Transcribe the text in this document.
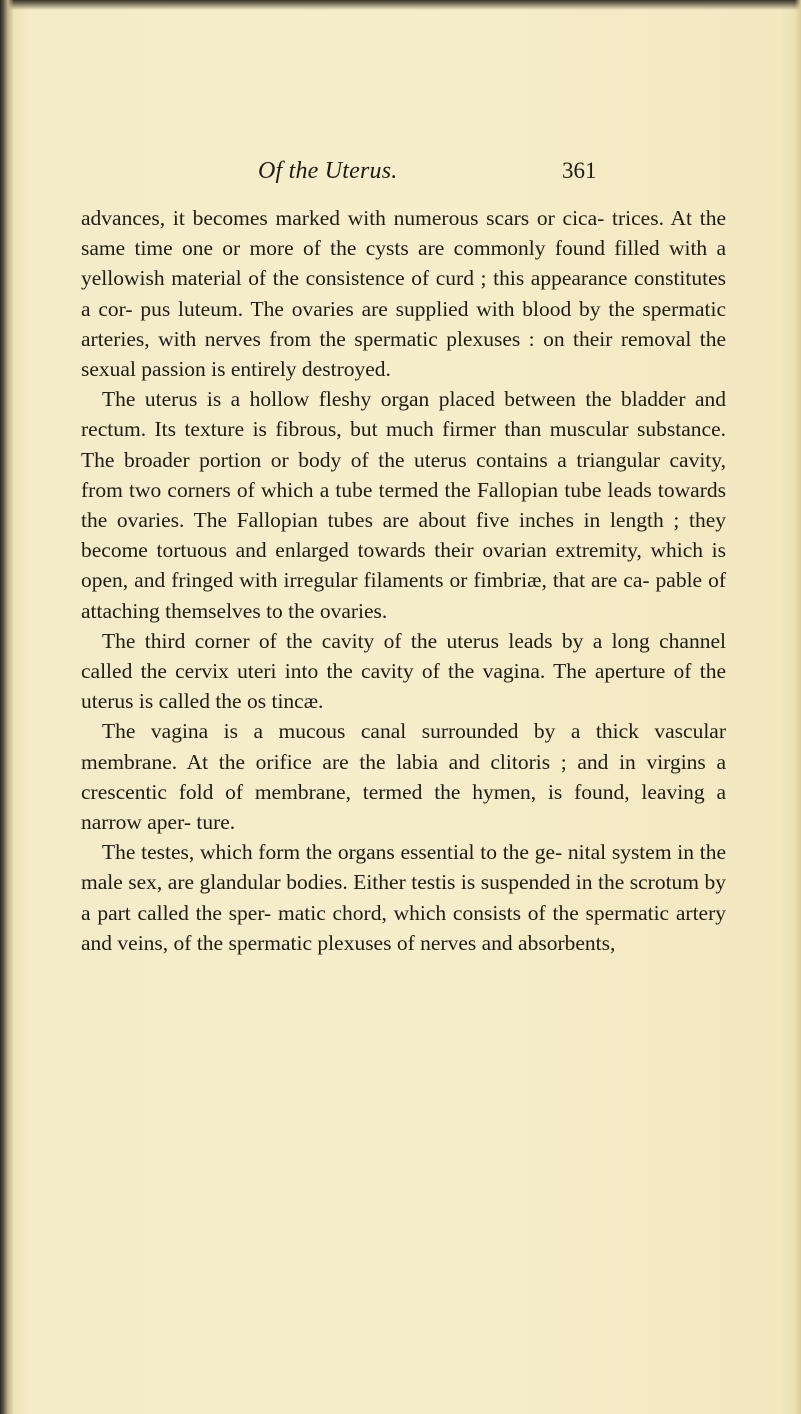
Of the Uterus.	361

advances, it becomes marked with numerous scars or cica- trices. At the same time one or more of the cysts are commonly found filled with a yellowish material of the consistence of curd ; this appearance constitutes a cor- pus luteum. The ovaries are supplied with blood by the spermatic arteries, with nerves from the spermatic plexuses : on their removal the sexual passion is entirely destroyed.

The uterus is a hollow fleshy organ placed between the bladder and rectum. Its texture is fibrous, but much firmer than muscular substance. The broader portion or body of the uterus contains a triangular cavity, from two corners of which a tube termed the Fallopian tube leads towards the ovaries. The Fallopian tubes are about five inches in length ; they become tortuous and enlarged towards their ovarian extremity, which is open, and fringed with irregular filaments or fimbriæ, that are ca- pable of attaching themselves to the ovaries.

The third corner of the cavity of the uterus leads by a long channel called the cervix uteri into the cavity of the vagina. The aperture of the uterus is called the os tincæ.

The vagina is a mucous canal surrounded by a thick vascular membrane. At the orifice are the labia and clitoris ; and in virgins a crescentic fold of membrane, termed the hymen, is found, leaving a narrow aper- ture.

The testes, which form the organs essential to the ge- nital system in the male sex, are glandular bodies. Either testis is suspended in the scrotum by a part called the sper- matic chord, which consists of the spermatic artery and veins, of the spermatic plexuses of nerves and absorbents,
